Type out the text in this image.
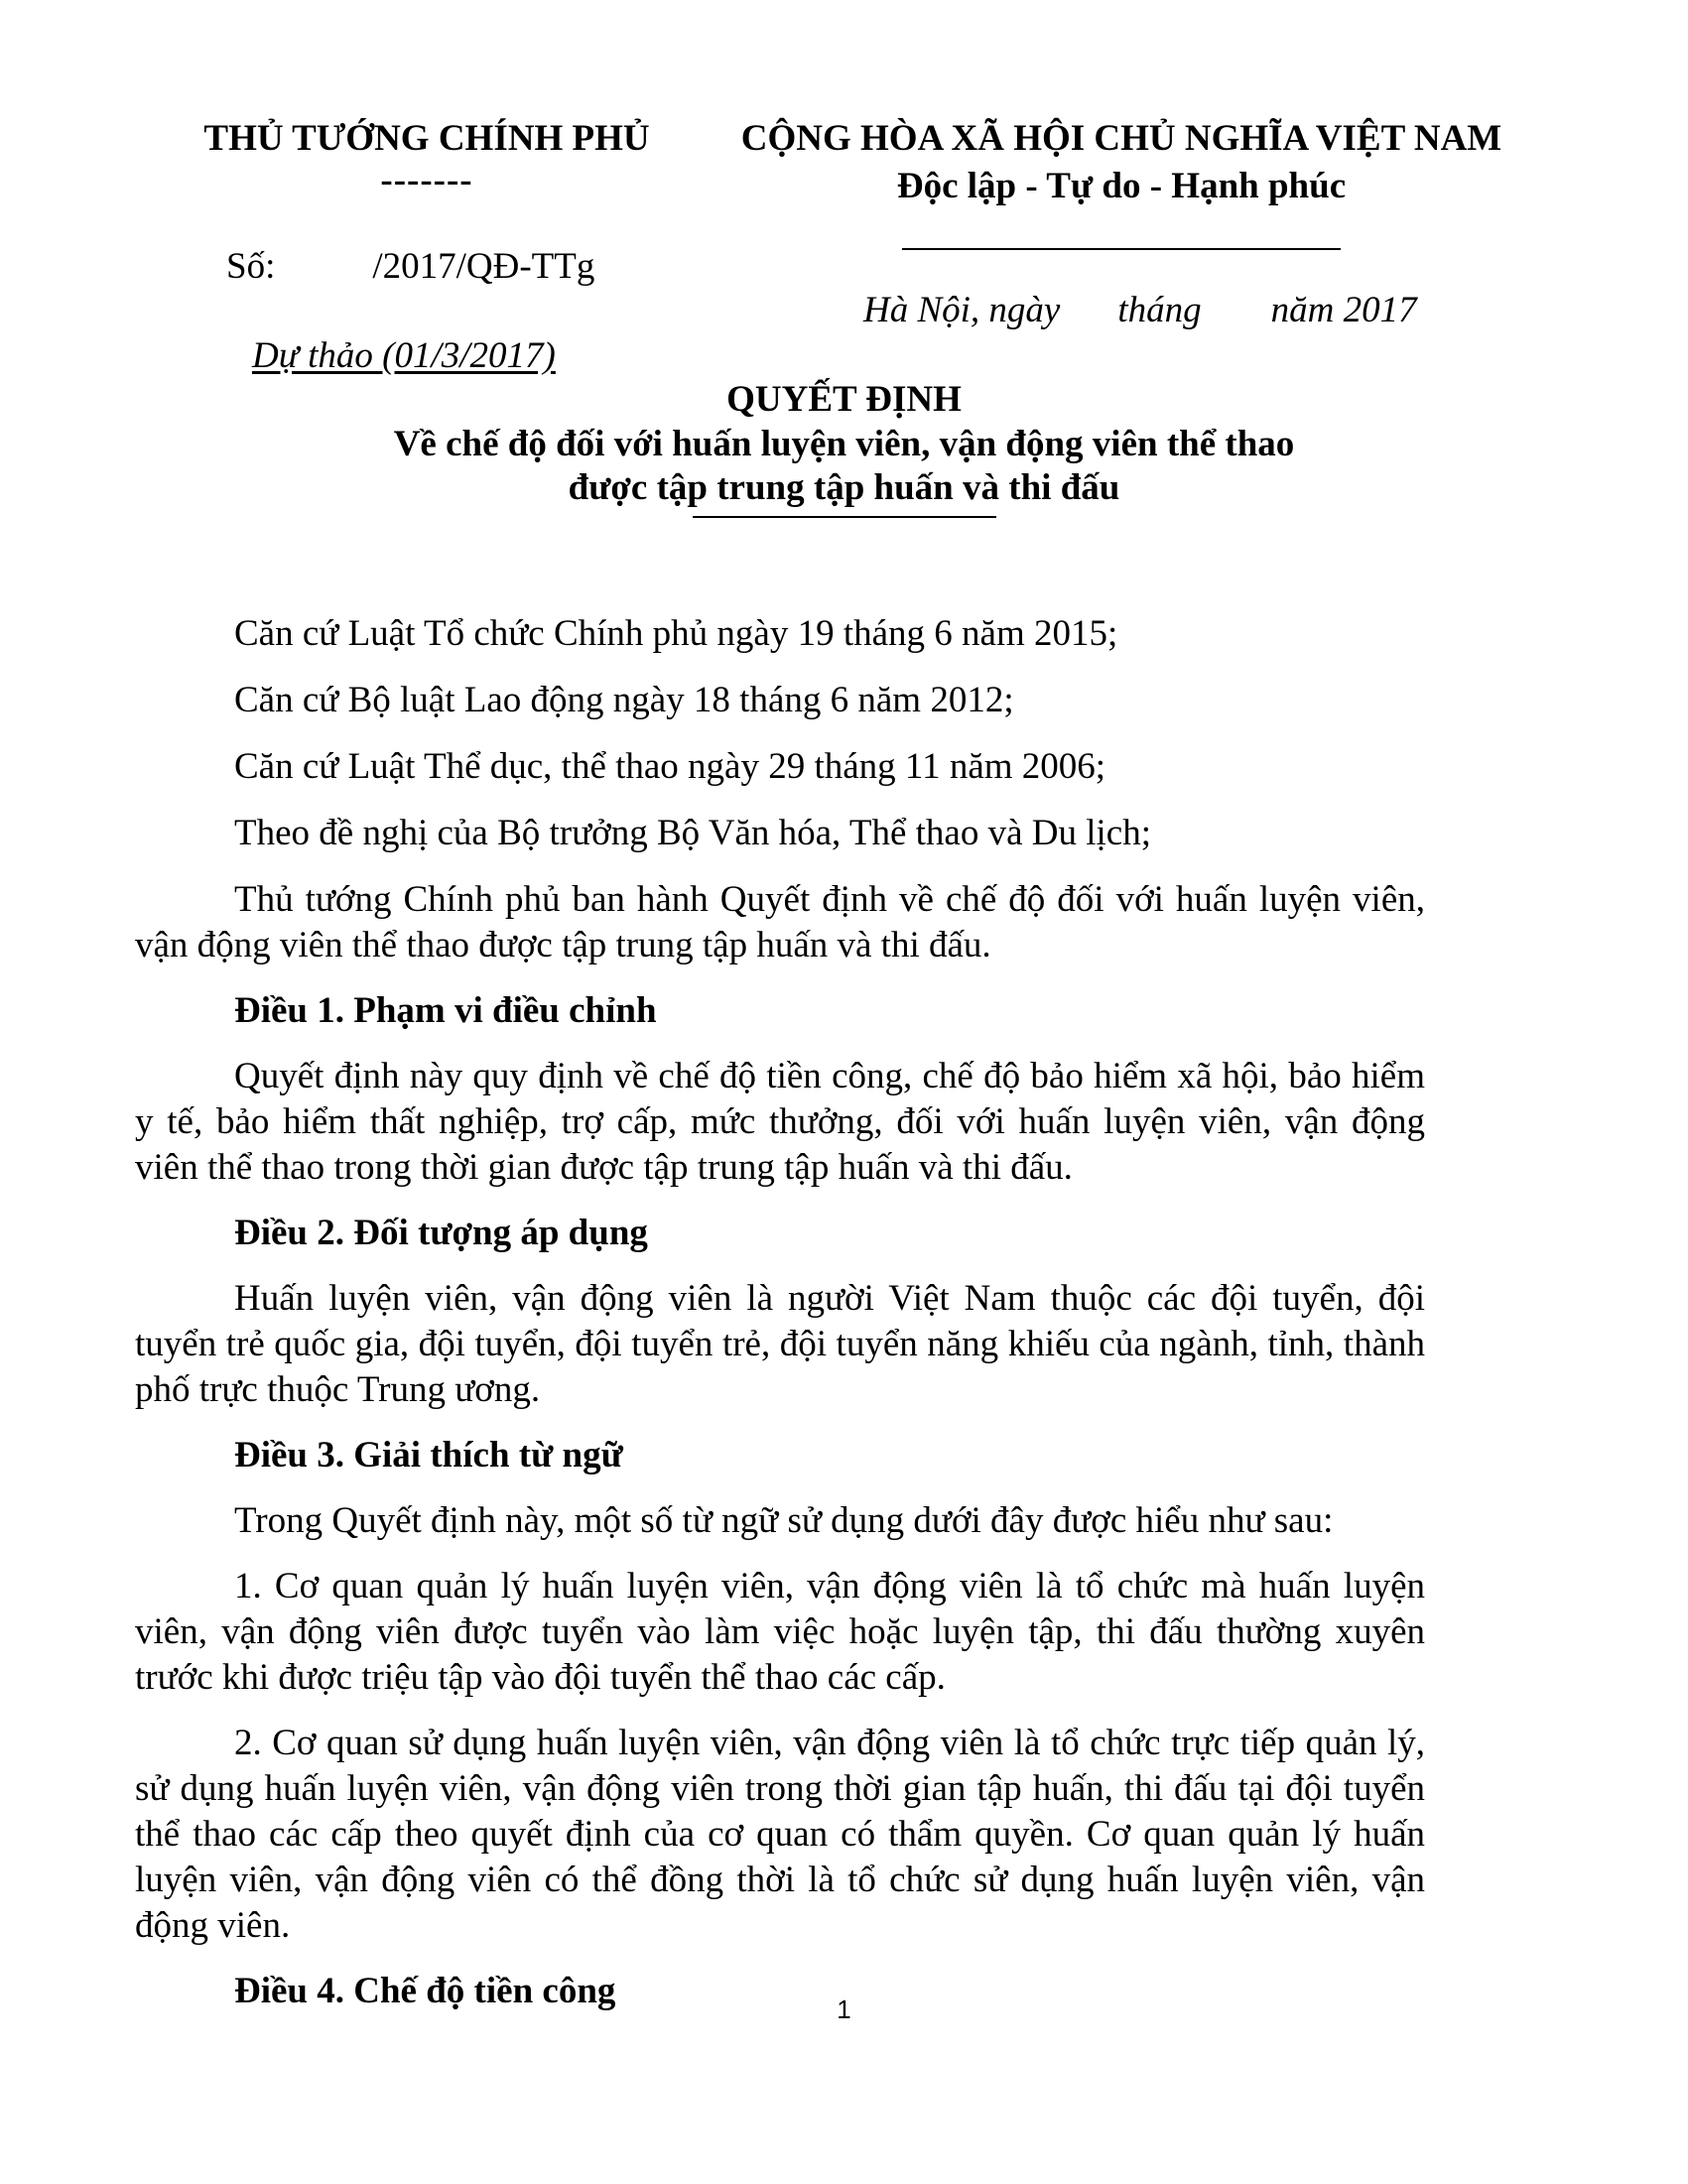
THỦ TƯỚNG CHÍNH PHỦ
-------
CỘNG HÒA XÃ HỘI CHỦ NGHĨA VIỆT NAM
Độc lập - Tự do - Hạnh phúc
Số:	/2017/QĐ-TTg
Hà Nội, ngày tháng năm 2017
Dự thảo (01/3/2017)
QUYẾT ĐỊNH
Về chế độ đối với huấn luyện viên, vận động viên thể thao
được tập trung tập huấn và thi đấu

Căn cứ Luật Tổ chức Chính phủ ngày 19 tháng 6 năm 2015;

Căn cứ Bộ luật Lao động ngày 18 tháng 6 năm 2012;

Căn cứ Luật Thể dục, thể thao ngày 29 tháng 11 năm 2006;

Theo đề nghị của Bộ trưởng Bộ Văn hóa, Thể thao và Du lịch;

Thủ tướng Chính phủ ban hành Quyết định về chế độ đối với huấn luyện viên, vận động viên thể thao được tập trung tập huấn và thi đấu.

Điều 1. Phạm vi điều chỉnh

Quyết định này quy định về chế độ tiền công, chế độ bảo hiểm xã hội, bảo hiểm y tế, bảo hiểm thất nghiệp, trợ cấp, mức thưởng, đối với huấn luyện viên, vận động viên thể thao trong thời gian được tập trung tập huấn và thi đấu.

Điều 2. Đối tượng áp dụng

Huấn luyện viên, vận động viên là người Việt Nam thuộc các đội tuyển, đội tuyển trẻ quốc gia, đội tuyển, đội tuyển trẻ, đội tuyển năng khiếu của ngành, tỉnh, thành phố trực thuộc Trung ương.

Điều 3. Giải thích từ ngữ

Trong Quyết định này, một số từ ngữ sử dụng dưới đây được hiểu như sau:

1. Cơ quan quản lý huấn luyện viên, vận động viên là tổ chức mà huấn luyện viên, vận động viên được tuyển vào làm việc hoặc luyện tập, thi đấu thường xuyên trước khi được triệu tập vào đội tuyển thể thao các cấp.

2. Cơ quan sử dụng huấn luyện viên, vận động viên là tổ chức trực tiếp quản lý, sử dụng huấn luyện viên, vận động viên trong thời gian tập huấn, thi đấu tại đội tuyển thể thao các cấp theo quyết định của cơ quan có thẩm quyền. Cơ quan quản lý huấn luyện viên, vận động viên có thể đồng thời là tổ chức sử dụng huấn luyện viên, vận động viên.

Điều 4. Chế độ tiền công	1
